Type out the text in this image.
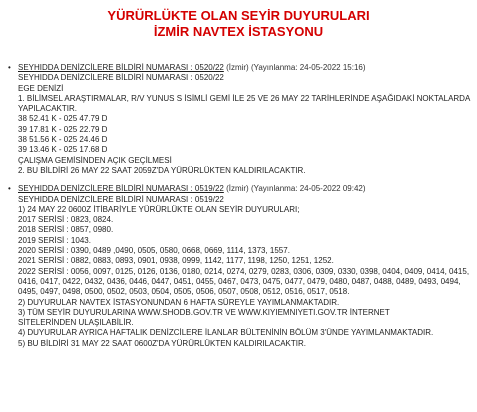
YÜRÜRLÜKTE OLAN SEYİR DUYURULARI
İZMİR NAVTEX İSTASYONU
• SEYHIDDA DENİZCİLERE BİLDİRİ NUMARASI : 0520/22 (İzmir) (Yayınlanma: 24-05-2022 15:16)
SEYHIDDA DENİZCİLERE BİLDİRİ NUMARASI : 0520/22
EGE DENİZİ
1. BİLİMSEL ARAŞTIRMALAR, R/V YUNUS S İSİMLİ GEMİ İLE 25 VE 26 MAY 22 TARİHLERİNDE AŞAĞIDAKİ NOKTALARDA YAPILACAKTIR.
38 52.41 K - 025 47.79 D
39 17.81 K - 025 22.79 D
38 51.56 K - 025 24.46 D
39 13.46 K - 025 17.68 D
ÇALIŞMA GEMİSİNDEN AÇIK GEÇİLMESİ
2. BU BİLDİRİ 26 MAY 22 SAAT 2059Z'DA YÜRÜRLÜKTEN KALDIRILACAKTIR.
• SEYHIDDA DENİZCİLERE BİLDİRİ NUMARASI : 0519/22 (İzmir) (Yayınlanma: 24-05-2022 09:42)
SEYHIDDA DENİZCİLERE BİLDİRİ NUMARASI : 0519/22
1) 24 MAY 22 0600Z İTİBARİYLE YÜRÜRLÜKTE OLAN SEYİR DUYURULARI;
2017 SERİSİ : 0823, 0824.
2018 SERİSİ : 0857, 0980.
2019 SERİSİ : 1043.
2020 SERİSİ : 0390, 0489 ,0490, 0505, 0580, 0668, 0669, 1114, 1373, 1557.
2021 SERİSİ : 0882, 0883, 0893, 0901, 0938, 0999, 1142, 1177, 1198, 1250, 1251, 1252.
2022 SERİSİ : 0056, 0097, 0125, 0126, 0136, 0180, 0214, 0274, 0279, 0283, 0306, 0309, 0330, 0398, 0404, 0409, 0414, 0415, 0416, 0417, 0422, 0432, 0436, 0446, 0447, 0451, 0455, 0467, 0473, 0475, 0477, 0479, 0480, 0487, 0488, 0489, 0493, 0494, 0495, 0497, 0498, 0500, 0502, 0503, 0504, 0505, 0506, 0507, 0508, 0512, 0516, 0517, 0518.
2) DUYURULAR NAVTEX İSTASYONUNDAN 6 HAFTA SÜREYLE YAYIMLANMAKTADIR.
3) TÜM SEYİR DUYURULARINA WWW.SHODB.GOV.TR VE WWW.KIYIEMNIYETI.GOV.TR İNTERNET
SİTELERİNDEN ULAŞILABİLİR.
4) DUYURULAR AYRICA HAFTALIK DENİZCİLERE İLANLAR BÜLTENİNİN BÖLÜM 3'ÜNDE YAYIMLANMAKTADIR.
5) BU BİLDİRİ 31 MAY 22 SAAT 0600Z'DA YÜRÜRLÜKTEN KALDIRILACAKTIR.
